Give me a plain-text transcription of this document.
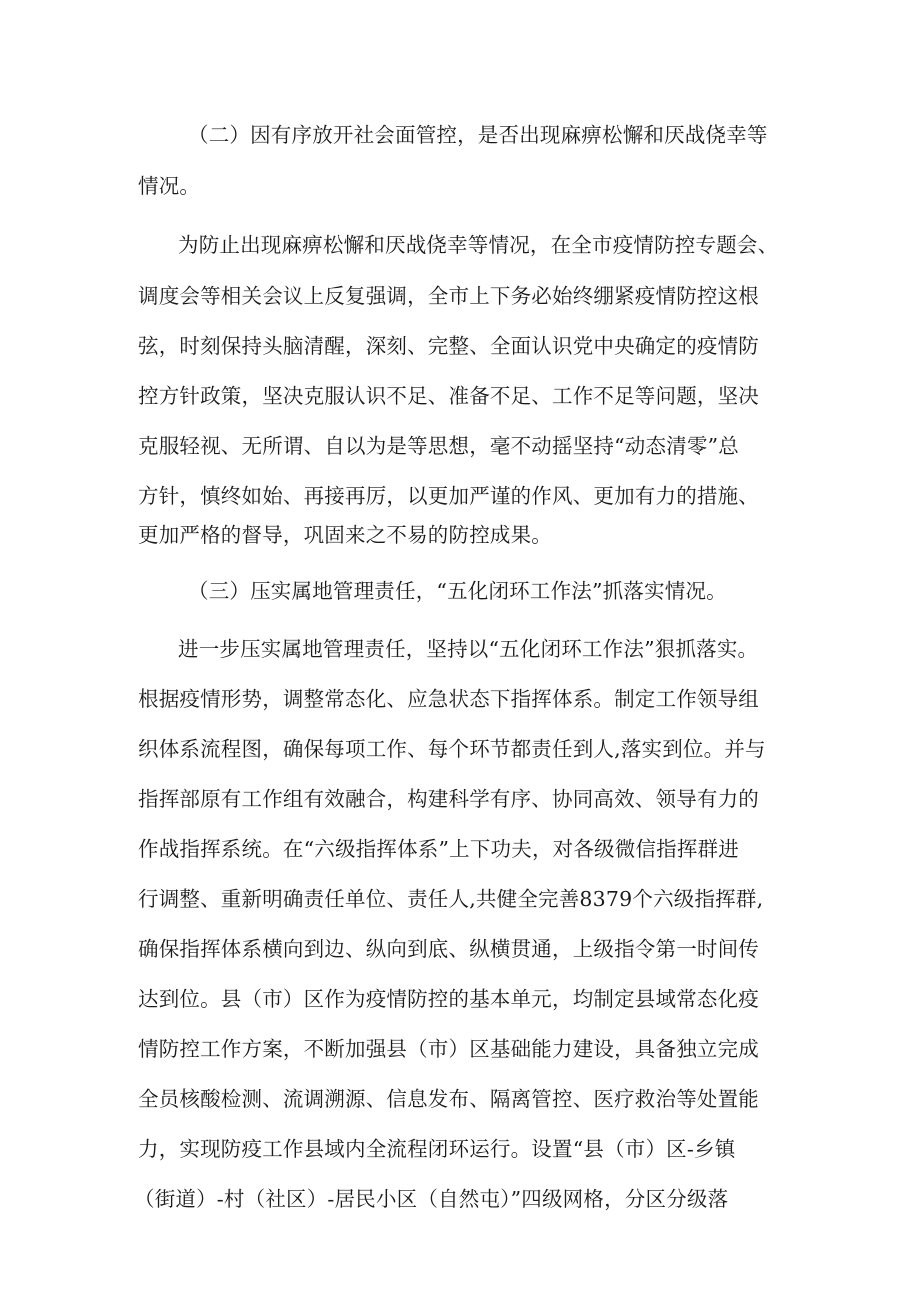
（二）因有序放开社会面管控，是否出现麻痹松懈和厌战侥幸等
情况。
为防止出现麻痹松懈和厌战侥幸等情况，在全市疫情防控专题会、
调度会等相关会议上反复强调，全市上下务必始终绷紧疫情防控这根
弦，时刻保持头脑清醒，深刻、完整、全面认识党中央确定的疫情防
控方针政策，坚决克服认识不足、准备不足、工作不足等问题，坚决
克服轻视、无所谓、自以为是等思想，毫不动摇坚持“动态清零”总
方针，慎终如始、再接再厉，以更加严谨的作风、更加有力的措施、
更加严格的督导，巩固来之不易的防控成果。
（三）压实属地管理责任，“五化闭环工作法”抓落实情况。
进一步压实属地管理责任，坚持以“五化闭环工作法”狠抓落实。
根据疫情形势，调整常态化、应急状态下指挥体系。制定工作领导组
织体系流程图，确保每项工作、每个环节都责任到人,落实到位。并与
指挥部原有工作组有效融合，构建科学有序、协同高效、领导有力的
作战指挥系统。在“六级指挥体系”上下功夫，对各级微信指挥群进
行调整、重新明确责任单位、责任人,共健全完善8379个六级指挥群,
确保指挥体系横向到边、纵向到底、纵横贯通，上级指令第一时间传
达到位。县（市）区作为疫情防控的基本单元，均制定县域常态化疫
情防控工作方案，不断加强县（市）区基础能力建设，具备独立完成
全员核酸检测、流调溯源、信息发布、隔离管控、医疗救治等处置能
力，实现防疫工作县域内全流程闭环运行。设置“县（市）区-乡镇
（街道）-村（社区）-居民小区（自然屯）”四级网格，分区分级落
